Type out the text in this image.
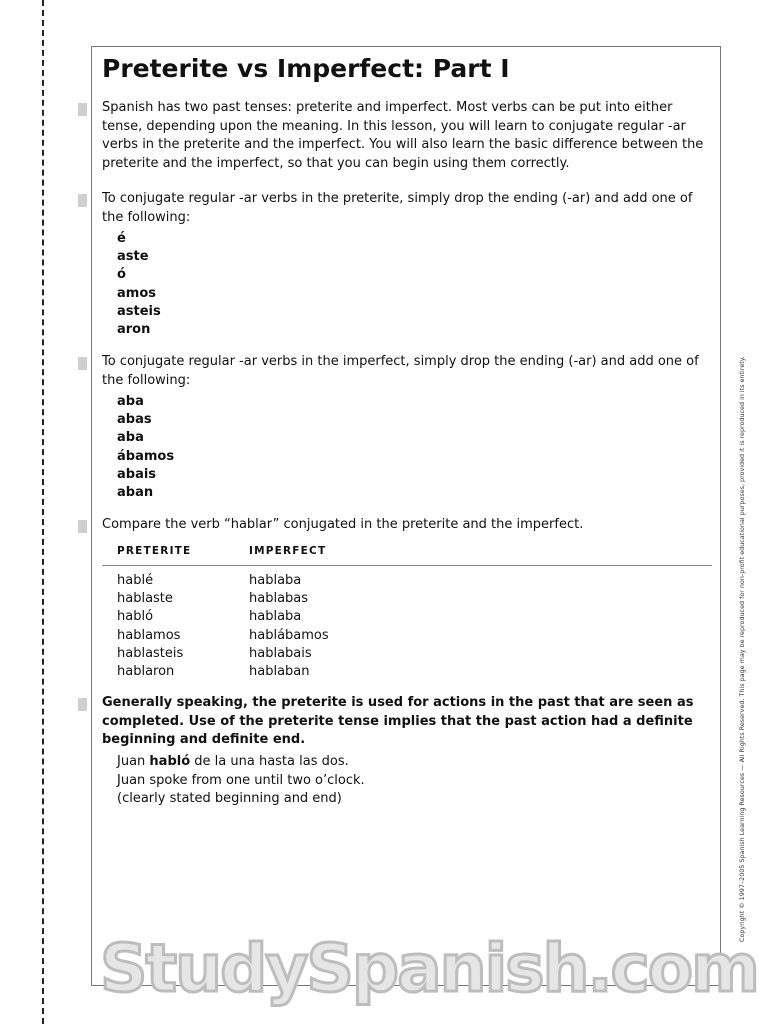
Preterite vs Imperfect: Part I

Spanish has two past tenses: preterite and imperfect. Most verbs can be put into either tense, depending upon the meaning. In this lesson, you will learn to conjugate regular -ar verbs in the preterite and the imperfect. You will also learn the basic difference between the preterite and the imperfect, so that you can begin using them correctly.

To conjugate regular -ar verbs in the preterite, simply drop the ending (-ar) and add one of the following:

é
aste
ó
amos
asteis
aron

To conjugate regular -ar verbs in the imperfect, simply drop the ending (-ar) and add one of the following:

aba
abas
aba
ábamos
abais
aban

Compare the verb “hablar” conjugated in the preterite and the imperfect.

PRETERITE	IMPERFECT
hablé
hablaste
habló
hablamos
hablasteis
hablaron
hablaba
hablabas
hablaba
hablábamos
hablabais
hablaban

Generally speaking, the preterite is used for actions in the past that are seen as completed. Use of the preterite tense implies that the past action had a definite beginning and definite end.

Juan habló de la una hasta las dos.
Juan spoke from one until two o’clock.
(clearly stated beginning and end)	Copyright © 1997–2005 Spanish Learning Resources — All Rights Reserved. This page may be reproduced for non-profit educational purposes, provided it is reproduced in its entirety.
StudySpanish.com
